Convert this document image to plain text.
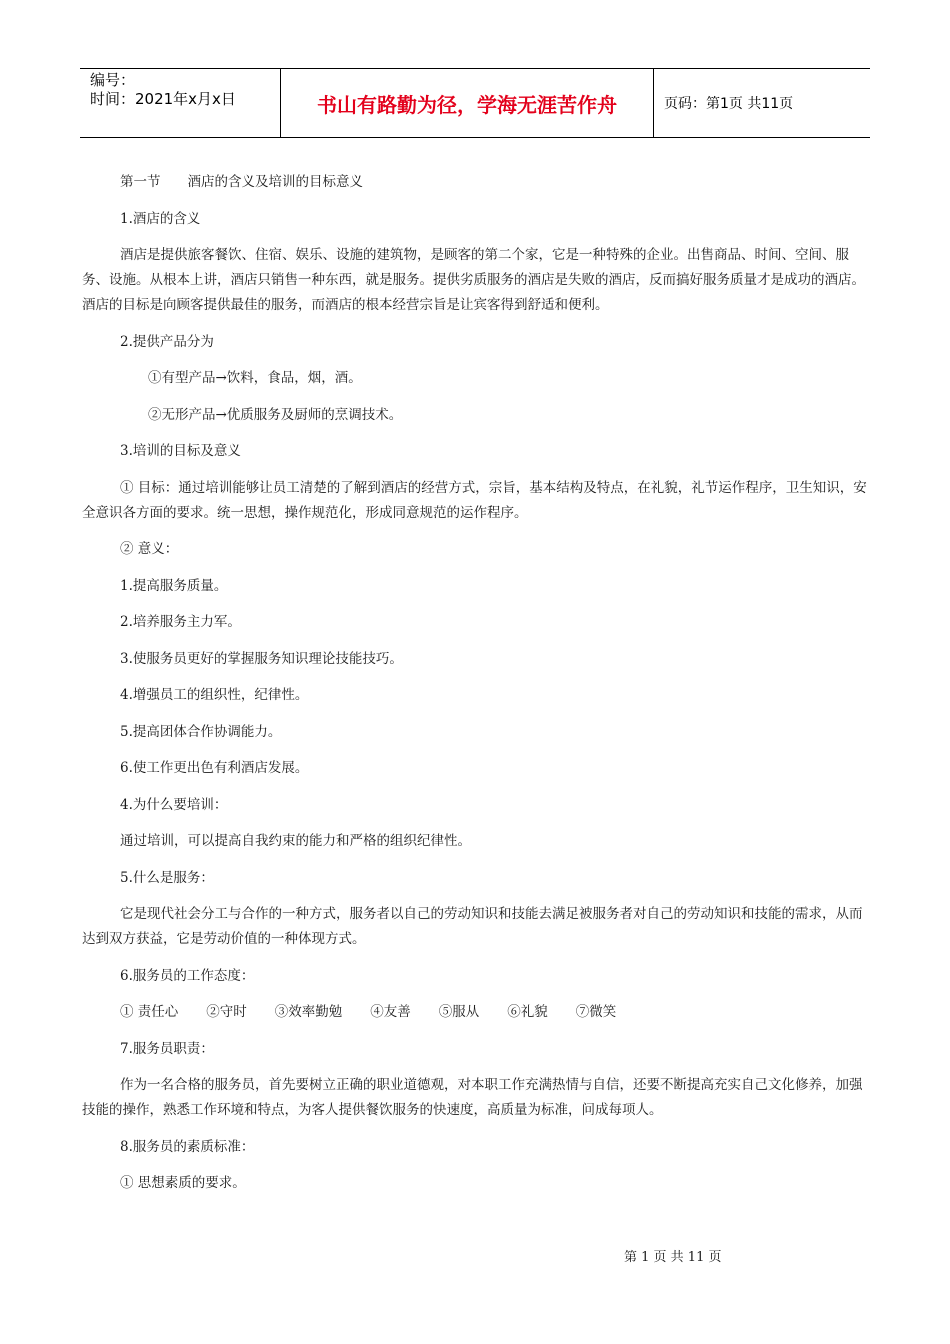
编号：
时间：2021年x月x日	书山有路勤为径，学海无涯苦作舟	页码：第1页 共11页

第一节　　酒店的含义及培训的目标意义

1.酒店的含义

酒店是提供旅客餐饮、住宿、娱乐、设施的建筑物，是顾客的第二个家，它是一种特殊的企业。出售商品、时间、空间、服务、设施。从根本上讲，酒店只销售一种东西，就是服务。提供劣质服务的酒店是失败的酒店，反而搞好服务质量才是成功的酒店。酒店的目标是向顾客提供最佳的服务，而酒店的根本经营宗旨是让宾客得到舒适和便利。

2.提供产品分为

①有型产品→饮料，食品，烟，酒。

②无形产品→优质服务及厨师的烹调技术。

3.培训的目标及意义

① 目标：通过培训能够让员工清楚的了解到酒店的经营方式，宗旨，基本结构及特点，在礼貌，礼节运作程序，卫生知识，安全意识各方面的要求。统一思想，操作规范化，形成同意规范的运作程序。

② 意义：

1.提高服务质量。

2.培养服务主力军。

3.使服务员更好的掌握服务知识理论技能技巧。

4.增强员工的组织性，纪律性。

5.提高团体合作协调能力。

6.使工作更出色有利酒店发展。

4.为什么要培训：

通过培训，可以提高自我约束的能力和严格的组织纪律性。

5.什么是服务：

它是现代社会分工与合作的一种方式，服务者以自己的劳动知识和技能去满足被服务者对自己的劳动知识和技能的需求，从而达到双方获益，它是劳动价值的一种体现方式。

6.服务员的工作态度：

① 责任心 ②守时 ③效率勤勉 ④友善 ⑤服从 ⑥礼貌 ⑦微笑

7.服务员职责：

作为一名合格的服务员，首先要树立正确的职业道德观，对本职工作充满热情与自信，还要不断提高充实自己文化修养，加强技能的操作，熟悉工作环境和特点，为客人提供餐饮服务的快速度，高质量为标准，问成每项人。

8.服务员的素质标准：

① 思想素质的要求。

第 1 页 共 11 页
